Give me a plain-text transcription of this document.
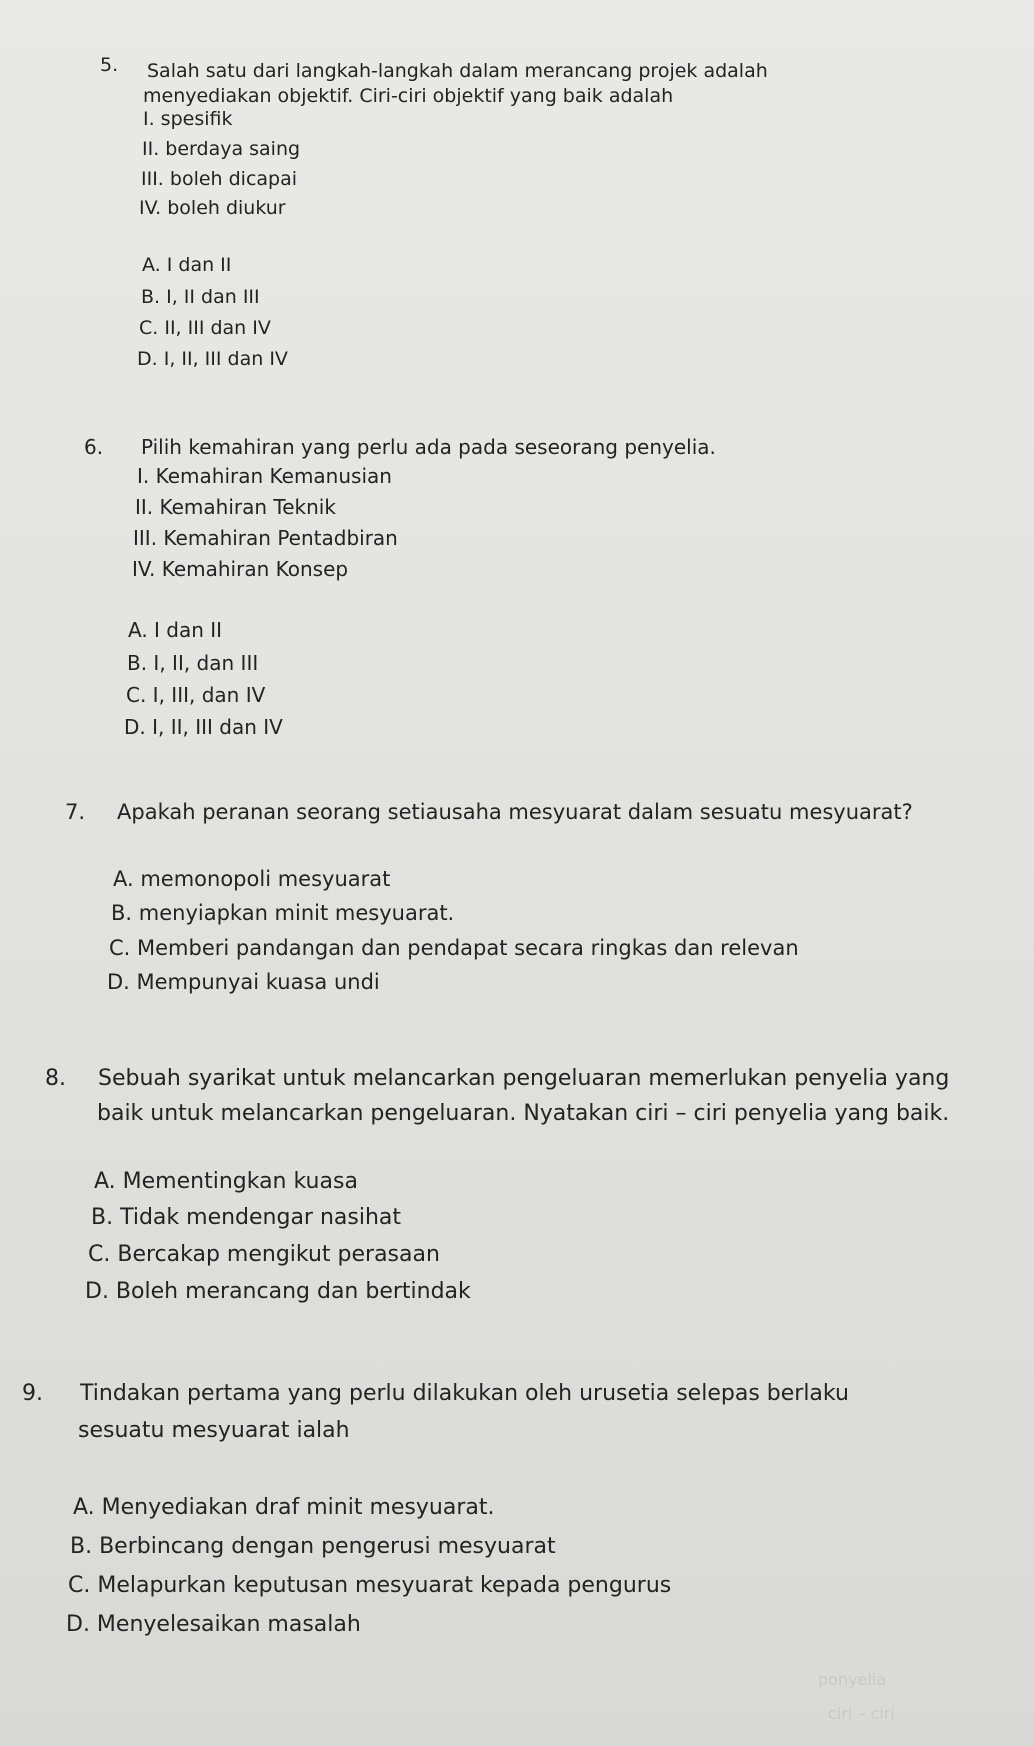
5. Salah satu dari langkah-langkah dalam merancang projek adalah
menyediakan objektif. Ciri-ciri objektif yang baik adalah
I. spesifik
II. berdaya saing
III. boleh dicapai
IV. boleh diukur
A. I dan II
B. I, II dan III
C. II, III dan IV
D. I, II, III dan IV
6. Pilih kemahiran yang perlu ada pada seseorang penyelia.
I. Kemahiran Kemanusian
II. Kemahiran Teknik
III. Kemahiran Pentadbiran
IV. Kemahiran Konsep
A. I dan II
B. I, II, dan III
C. I, III, dan IV
D. I, II, III dan IV
7. Apakah peranan seorang setiausaha mesyuarat dalam sesuatu mesyuarat?
A. memonopoli mesyuarat
B. menyiapkan minit mesyuarat.
C. Memberi pandangan dan pendapat secara ringkas dan relevan
D. Mempunyai kuasa undi
8. Sebuah syarikat untuk melancarkan pengeluaran memerlukan penyelia yang
baik untuk melancarkan pengeluaran. Nyatakan ciri – ciri penyelia yang baik.
A. Mementingkan kuasa
B. Tidak mendengar nasihat
C. Bercakap mengikut perasaan
D. Boleh merancang dan bertindak
9. Tindakan pertama yang perlu dilakukan oleh urusetia selepas berlaku
sesuatu mesyuarat ialah
A. Menyediakan draf minit mesyuarat.
B. Berbincang dengan pengerusi mesyuarat
C. Melapurkan keputusan mesyuarat kepada pengurus
D. Menyelesaikan masalah
ponyelia
ciri – ciri
